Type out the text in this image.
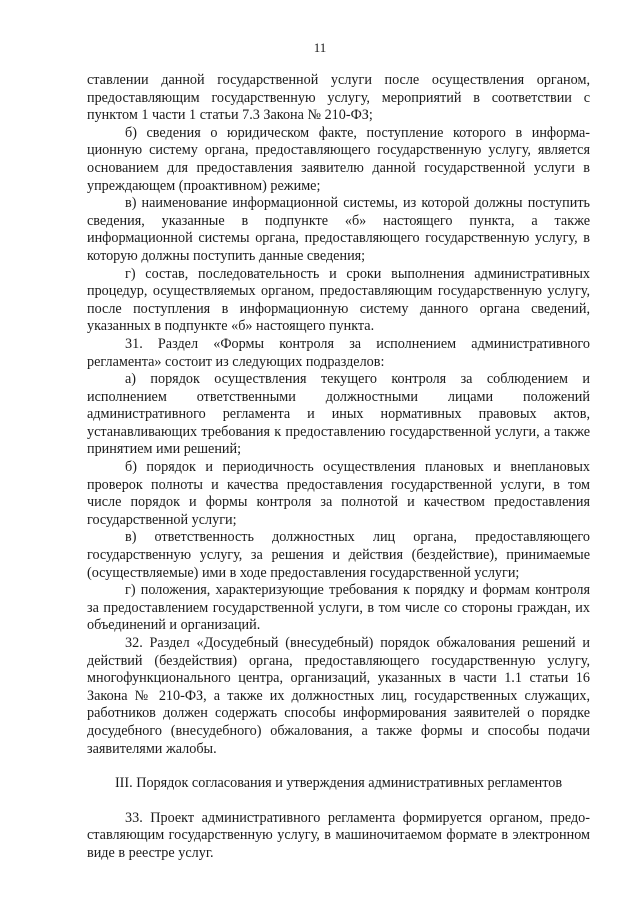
11

ставлении данной государственной услуги после осуществления органом, предоставляющим государственную услугу, мероприятий в соответствии с пунктом 1 части 1 статьи 7.3 Закона № 210-ФЗ;

б) сведения о юридическом факте, поступление которого в информационную систему органа, предоставляющего государственную услугу, является основанием для предоставления заявителю данной государственной услуги в упреждающем (проактивном) режиме;

в) наименование информационной системы, из которой должны поступить сведения, указанные в подпункте «б» настоящего пункта, а также информационной системы органа, предоставляющего государственную услугу, в которую должны поступить данные сведения;

г) состав, последовательность и сроки выполнения административных процедур, осуществляемых органом, предоставляющим государственную услугу, после поступления в информационную систему данного органа сведений, указанных в подпункте «б» настоящего пункта.

31. Раздел «Формы контроля за исполнением административного регламента» состоит из следующих подразделов:

а) порядок осуществления текущего контроля за соблюдением и исполнением ответственными должностными лицами положений административного регламента и иных нормативных правовых актов, устанавливающих требования к предоставлению государственной услуги, а также принятием ими решений;

б) порядок и периодичность осуществления плановых и внеплановых проверок полноты и качества предоставления государственной услуги, в том числе порядок и формы контроля за полнотой и качеством предоставления государственной услуги;

в) ответственность должностных лиц органа, предоставляющего государственную услугу, за решения и действия (бездействие), принимаемые (осуществляемые) ими в ходе предоставления государственной услуги;

г) положения, характеризующие требования к порядку и формам контроля за предоставлением государственной услуги, в том числе со стороны граждан, их объединений и организаций.

32. Раздел «Досудебный (внесудебный) порядок обжалования решений и действий (бездействия) органа, предоставляющего государственную услугу, многофункционального центра, организаций, указанных в части 1.1 статьи 16 Закона № 210-ФЗ, а также их должностных лиц, государственных служащих, работников должен содержать способы информирования заявителей о порядке досудебного (внесудебного) обжалования, а также формы и способы подачи заявителями жалобы.

III. Порядок согласования и утверждения административных регламентов

33. Проект административного регламента формируется органом, предоставляющим государственную услугу, в машиночитаемом формате в электронном виде в реестре услуг.
